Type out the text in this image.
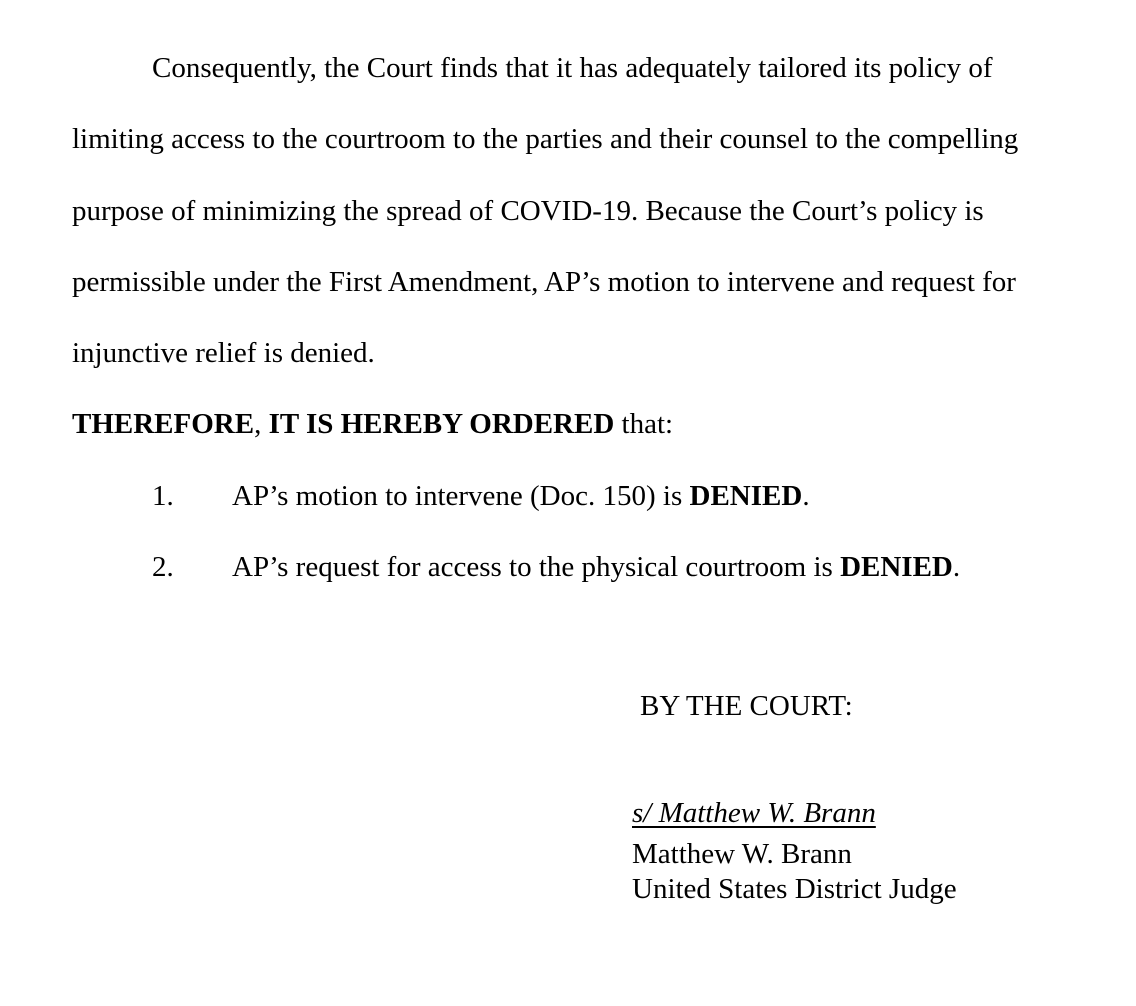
Consequently, the Court finds that it has adequately tailored its policy of
limiting access to the courtroom to the parties and their counsel to the compelling
purpose of minimizing the spread of COVID-19. Because the Court’s policy is
permissible under the First Amendment, AP’s motion to intervene and request for
injunctive relief is denied.
THEREFORE, IT IS HEREBY ORDERED that:
1. AP’s motion to intervene (Doc. 150) is DENIED.
2. AP’s request for access to the physical courtroom is DENIED.
BY THE COURT:
s/ Matthew W. Brann
Matthew W. Brann
United States District Judge
